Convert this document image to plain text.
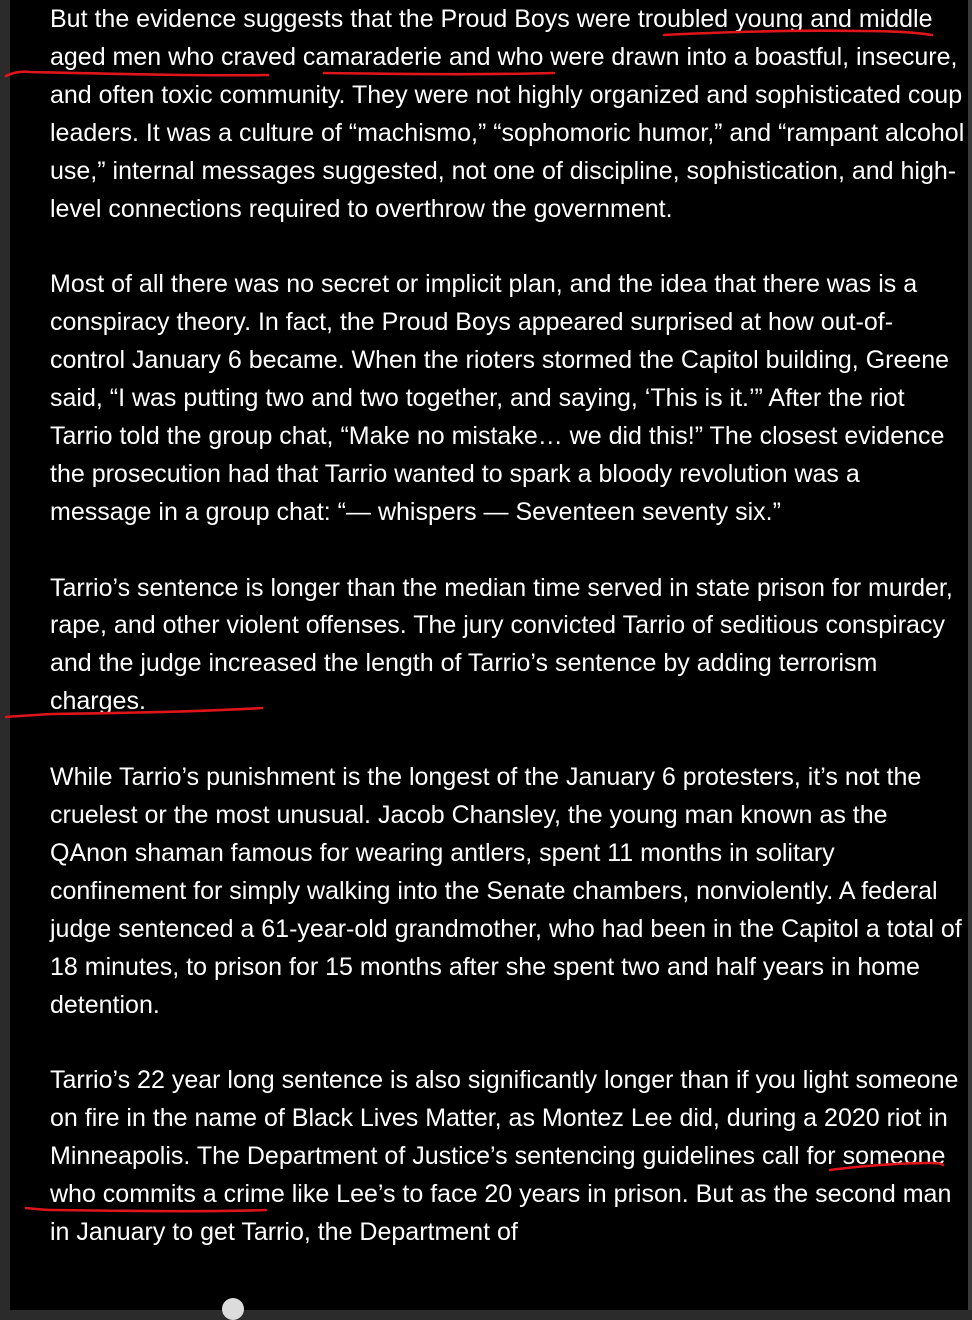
But the evidence suggests that the Proud Boys were troubled young and middle aged men who craved camaraderie and who were drawn into a boastful, insecure, and often toxic community. They were not highly organized and sophisticated coup leaders. It was a culture of “machismo,” “sophomoric humor,” and “rampant alcohol use,” internal messages suggested, not one of discipline, sophistication, and high-level connections required to overthrow the government.

Most of all there was no secret or implicit plan, and the idea that there was is a conspiracy theory. In fact, the Proud Boys appeared surprised at how out-of-control January 6 became. When the rioters stormed the Capitol building, Greene said, “I was putting two and two together, and saying, ‘This is it.’” After the riot Tarrio told the group chat, “Make no mistake… we did this!” The closest evidence the prosecution had that Tarrio wanted to spark a bloody revolution was a message in a group chat: “— whispers — Seventeen seventy six.”

Tarrio’s sentence is longer than the median time served in state prison for murder, rape, and other violent offenses. The jury convicted Tarrio of seditious conspiracy and the judge increased the length of Tarrio’s sentence by adding terrorism charges.

While Tarrio’s punishment is the longest of the January 6 protesters, it’s not the cruelest or the most unusual. Jacob Chansley, the young man known as the QAnon shaman famous for wearing antlers, spent 11 months in solitary confinement for simply walking into the Senate chambers, nonviolently. A federal judge sentenced a 61-year-old grandmother, who had been in the Capitol a total of 18 minutes, to prison for 15 months after she spent two and half years in home detention.

Tarrio’s 22 year long sentence is also significantly longer than if you light someone on fire in the name of Black Lives Matter, as Montez Lee did, during a 2020 riot in Minneapolis. The Department of Justice’s sentencing guidelines call for someone who commits a crime like Lee’s to face 20 years in prison. But as the second man in January to get Tarrio, the Department of
